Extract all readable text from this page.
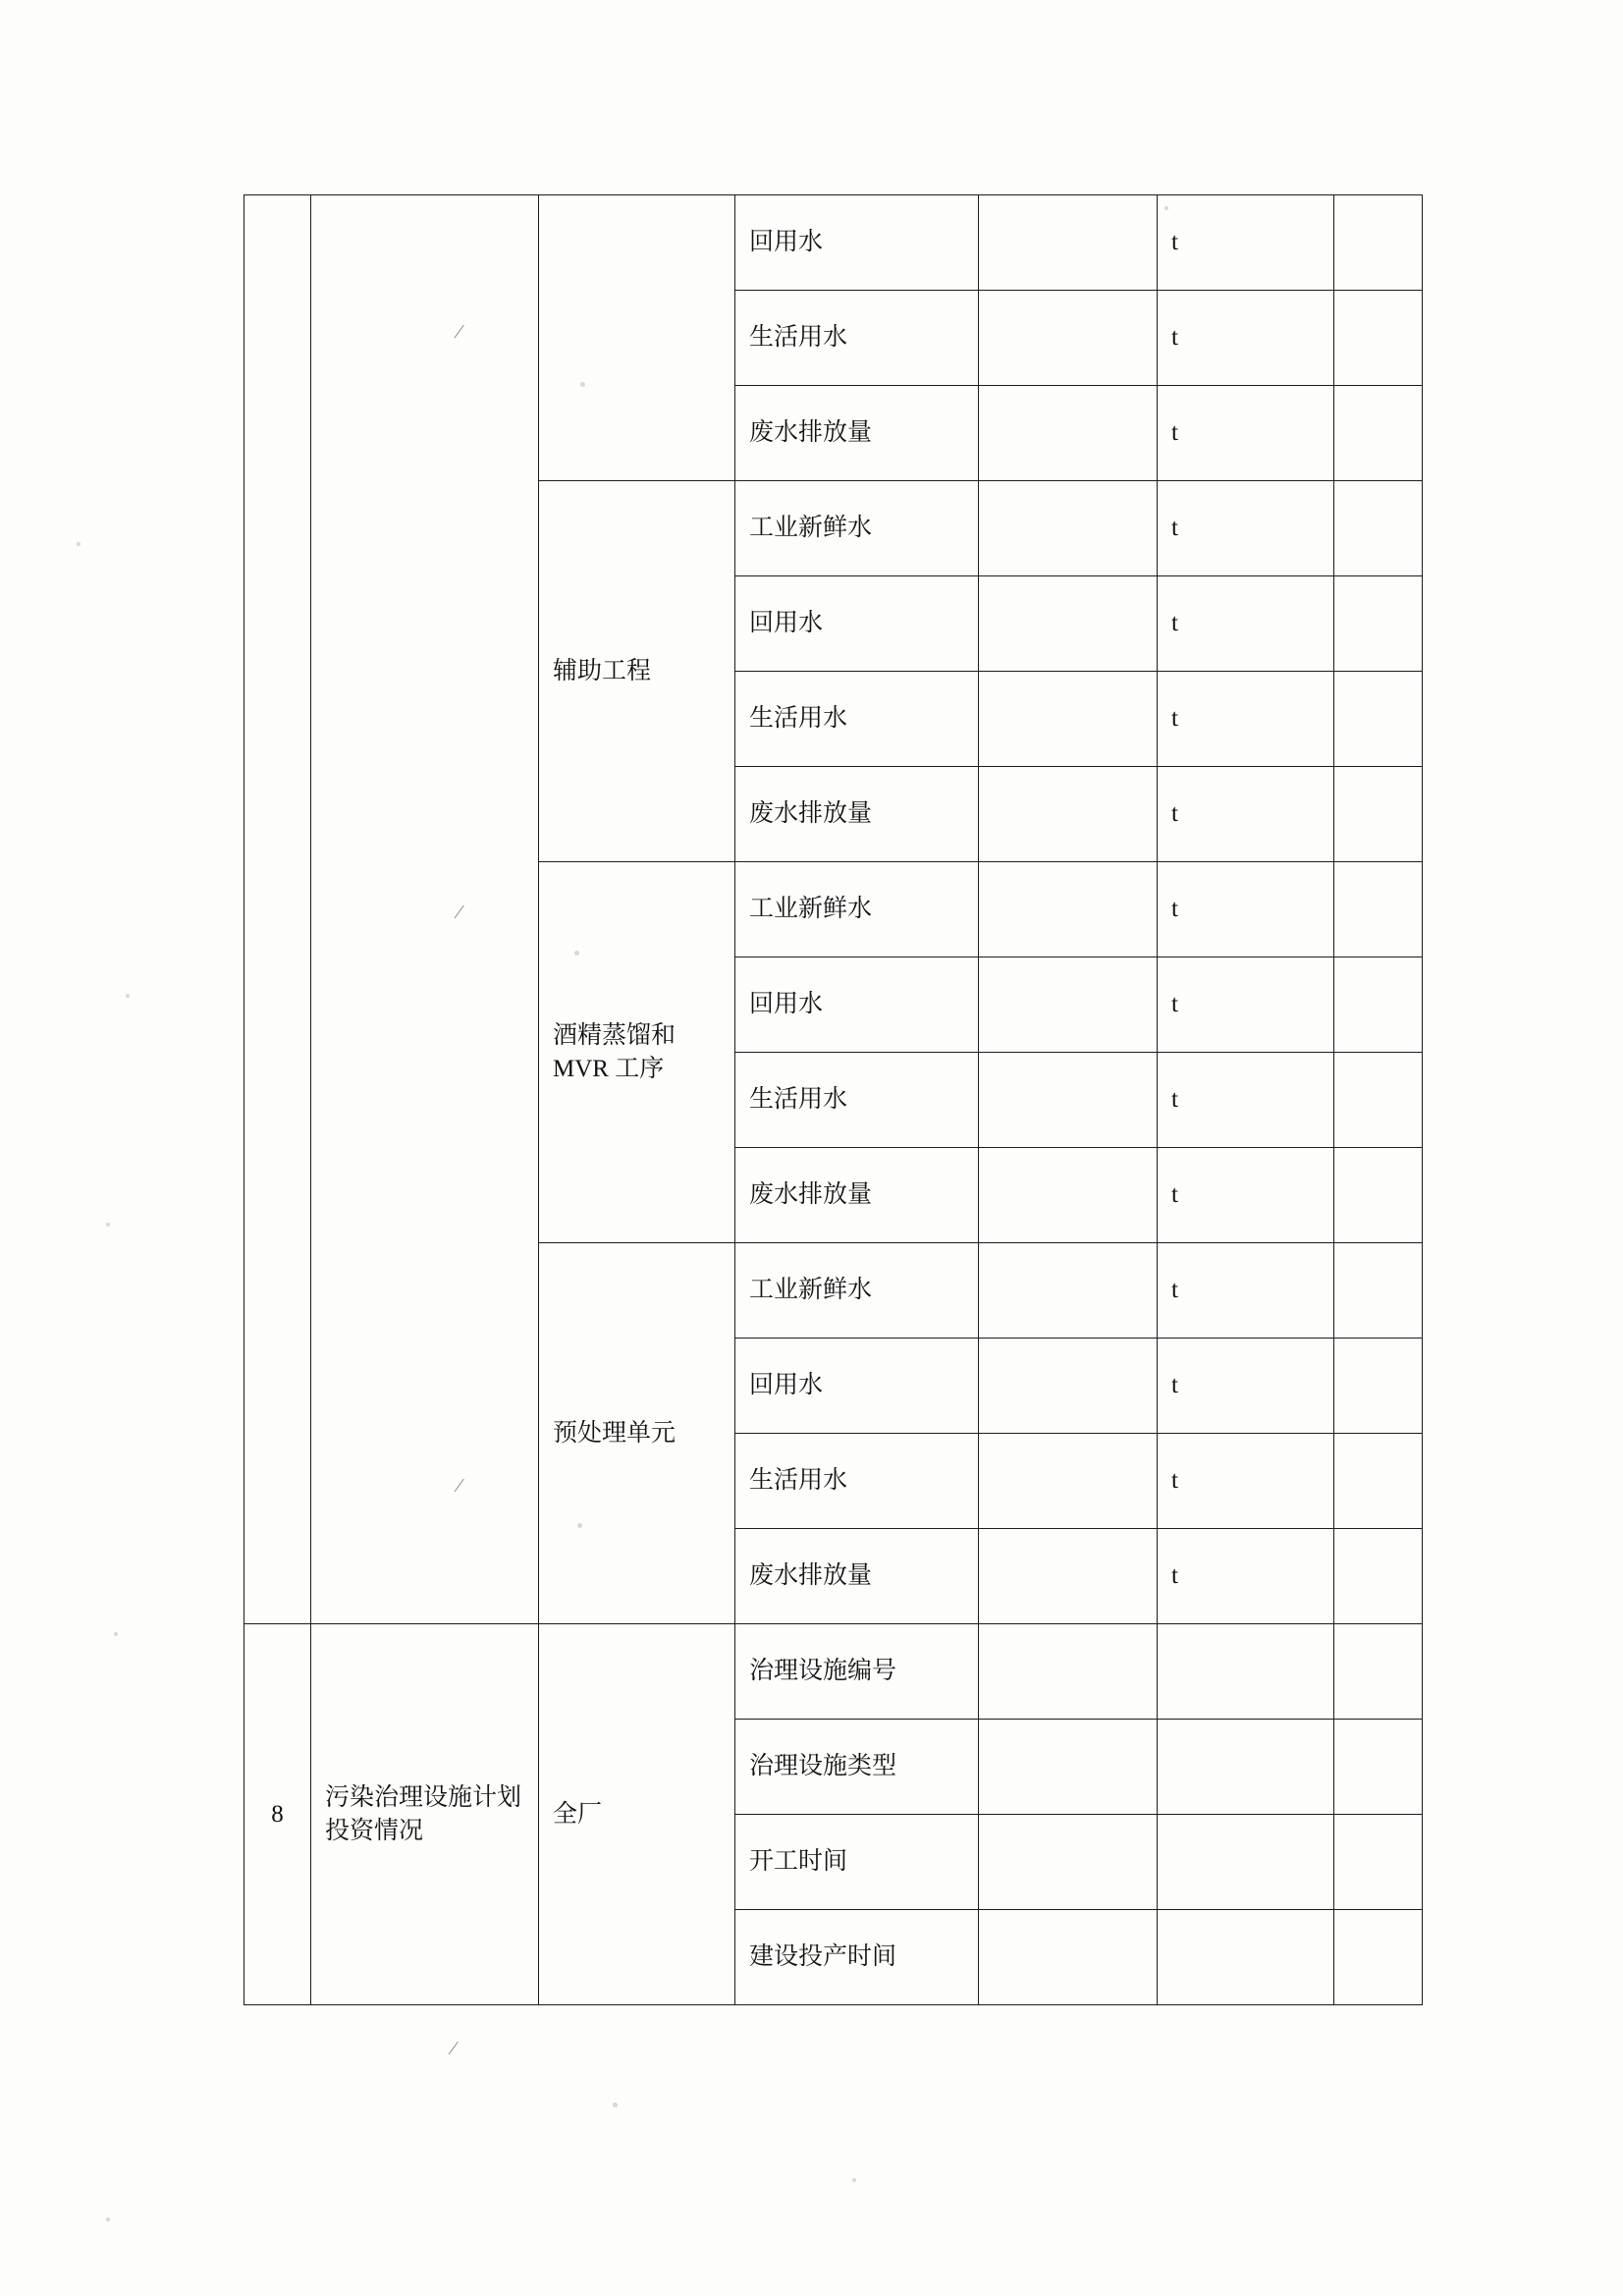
⁄
⁄
⁄
⁄

			回用水		t	

			生活用水		t	

			废水排放量		t	

		辅助工程	工业新鲜水		t	

			回用水		t	

			生活用水		t	

			废水排放量		t	

		酒精蒸馏和
MVR 工序	工业新鲜水		t	

			回用水		t	

			生活用水		t	

			废水排放量		t	

		预处理单元	工业新鲜水		t	

			回用水		t	

			生活用水		t	

			废水排放量		t	

8	污染治理设施计划投资情况	全厂	治理设施编号			

			治理设施类型			

			开工时间			

			建设投产时间			
